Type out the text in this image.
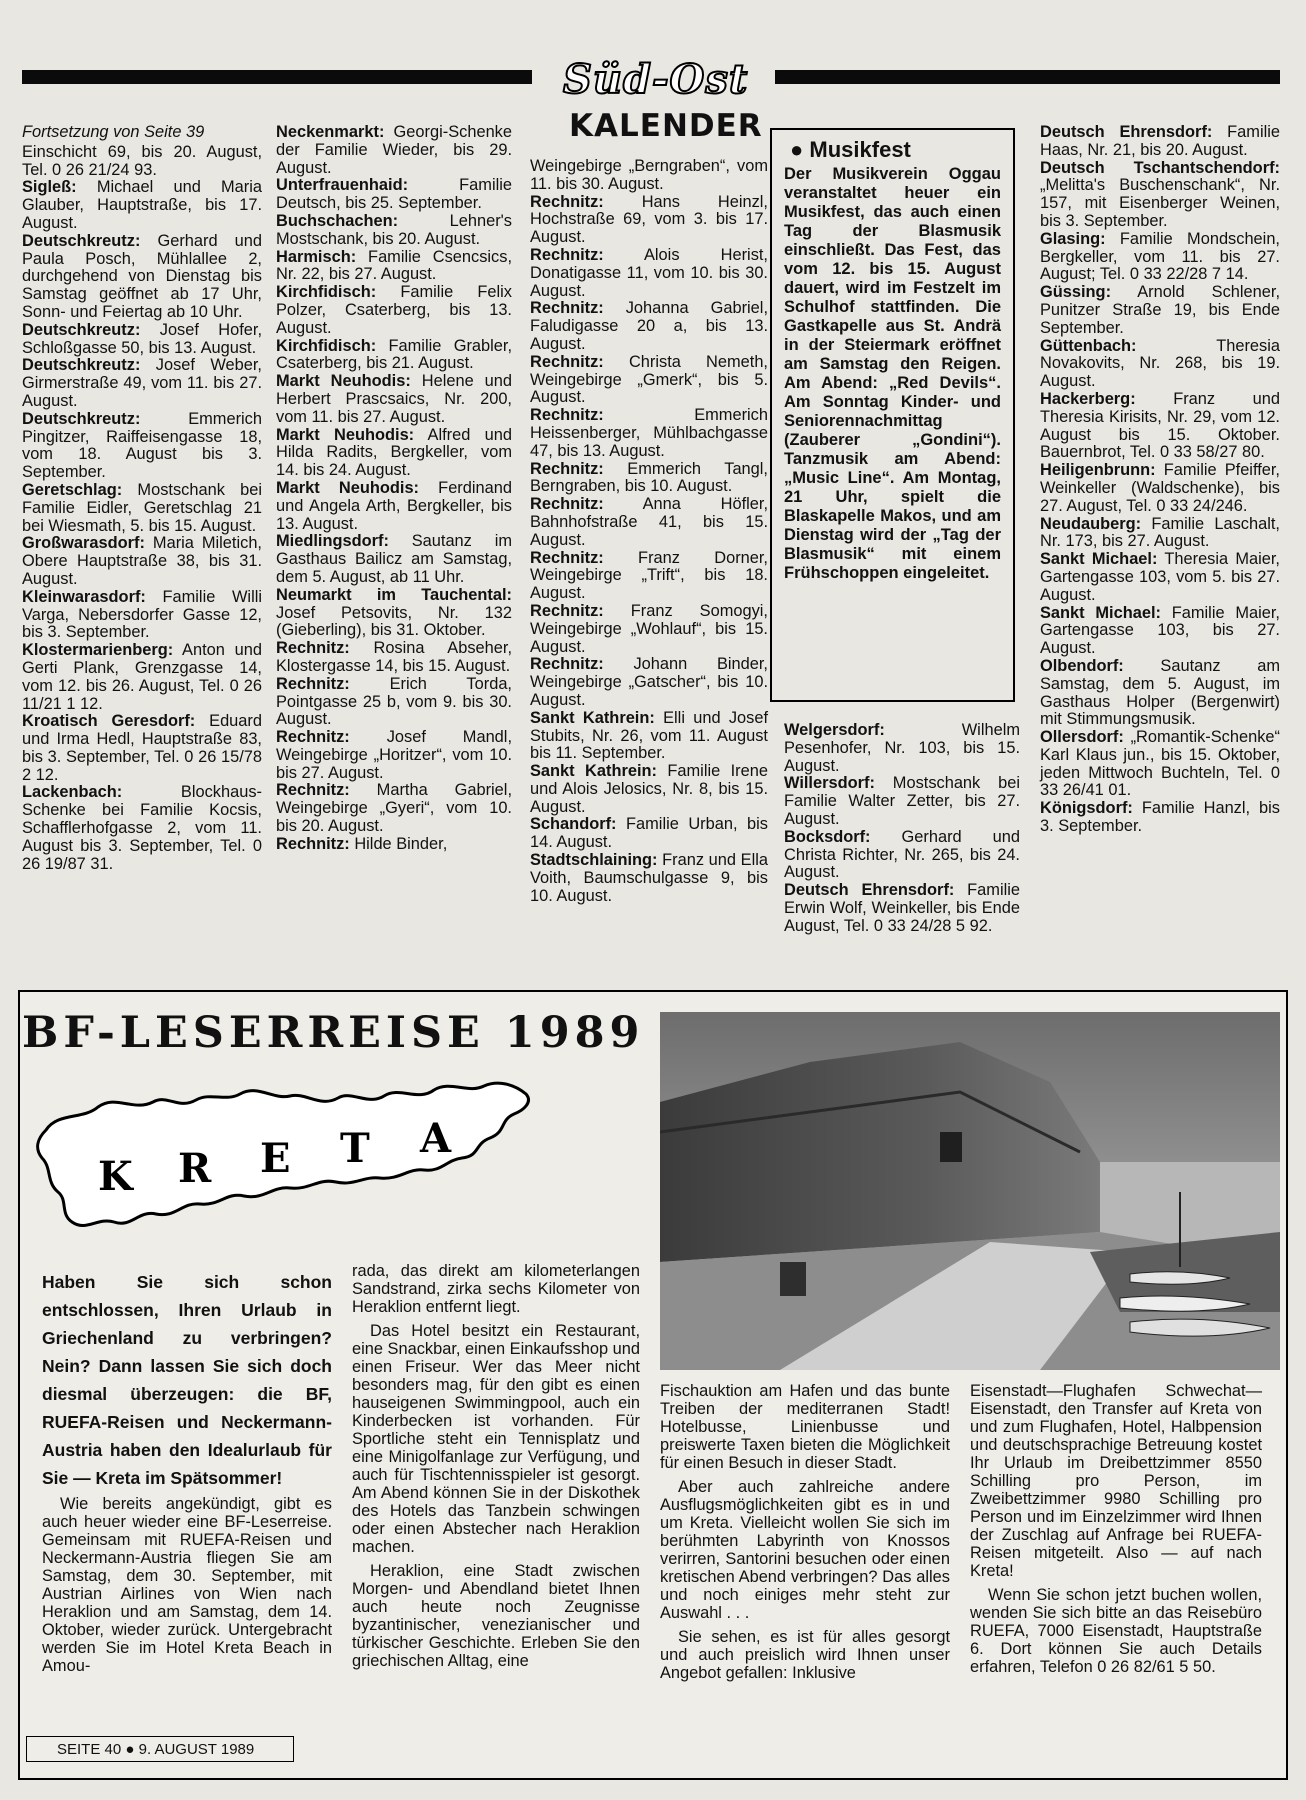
Süd-Ost
KALENDER

Fortsetzung von Seite 39

Einschicht 69, bis 20. August, Tel. 0 26 21/24 93.

Sigleß: Michael und Maria Glauber, Hauptstraße, bis 17. August.

Deutschkreutz: Gerhard und Paula Posch, Mühlallee 2, durchgehend von Dienstag bis Samstag geöffnet ab 17 Uhr, Sonn- und Feiertag ab 10 Uhr.

Deutschkreutz: Josef Hofer, Schloßgasse 50, bis 13. August.

Deutschkreutz: Josef Weber, Girmerstraße 49, vom 11. bis 27. August.

Deutschkreutz: Emmerich Pingitzer, Raiffeisengasse 18, vom 18. August bis 3. September.

Geretschlag: Mostschank bei Familie Eidler, Geretschlag 21 bei Wiesmath, 5. bis 15. August.

Großwarasdorf: Maria Miletich, Obere Hauptstraße 38, bis 31. August.

Kleinwarasdorf: Familie Willi Varga, Nebersdorfer Gasse 12, bis 3. September.

Klostermarienberg: Anton und Gerti Plank, Grenzgasse 14, vom 12. bis 26. August, Tel. 0 26 11/21 1 12.

Kroatisch Geresdorf: Eduard und Irma Hedl, Hauptstraße 83, bis 3. September, Tel. 0 26 15/78 2 12.

Lackenbach: Blockhaus-Schenke bei Familie Kocsis, Schafflerhofgasse 2, vom 11. August bis 3. September, Tel. 0 26 19/87 31.

Neckenmarkt: Georgi-Schenke der Familie Wieder, bis 29. August.

Unterfrauenhaid: Familie Deutsch, bis 25. September.

Buchschachen: Lehner's Mostschank, bis 20. August.

Harmisch: Familie Csencsics, Nr. 22, bis 27. August.

Kirchfidisch: Familie Felix Polzer, Csaterberg, bis 13. August.

Kirchfidisch: Familie Grabler, Csaterberg, bis 21. August.

Markt Neuhodis: Helene und Herbert Prascsaics, Nr. 200, vom 11. bis 27. August.

Markt Neuhodis: Alfred und Hilda Radits, Bergkeller, vom 14. bis 24. August.

Markt Neuhodis: Ferdinand und Angela Arth, Bergkeller, bis 13. August.

Miedlingsdorf: Sautanz im Gasthaus Bailicz am Samstag, dem 5. August, ab 11 Uhr.

Neumarkt im Tauchental: Josef Petsovits, Nr. 132 (Gieberling), bis 31. Oktober.

Rechnitz: Rosina Abseher, Klostergasse 14, bis 15. August.

Rechnitz: Erich Torda, Pointgasse 25 b, vom 9. bis 30. August.

Rechnitz: Josef Mandl, Weingebirge „Horitzer“, vom 10. bis 27. August.

Rechnitz: Martha Gabriel, Weingebirge „Gyeri“, vom 10. bis 20. August.

Rechnitz: Hilde Binder,

Weingebirge „Berngraben“, vom 11. bis 30. August.

Rechnitz: Hans Heinzl, Hochstraße 69, vom 3. bis 17. August.

Rechnitz: Alois Herist, Donatigasse 11, vom 10. bis 30. August.

Rechnitz: Johanna Gabriel, Faludigasse 20 a, bis 13. August.

Rechnitz: Christa Nemeth, Weingebirge „Gmerk“, bis 5. August.

Rechnitz: Emmerich Heissenberger, Mühlbachgasse 47, bis 13. August.

Rechnitz: Emmerich Tangl, Berngraben, bis 10. August.

Rechnitz: Anna Höfler, Bahnhofstraße 41, bis 15. August.

Rechnitz: Franz Dorner, Weingebirge „Trift“, bis 18. August.

Rechnitz: Franz Somogyi, Weingebirge „Wohlauf“, bis 15. August.

Rechnitz: Johann Binder, Weingebirge „Gatscher“, bis 10. August.

Sankt Kathrein: Elli und Josef Stubits, Nr. 26, vom 11. August bis 11. September.

Sankt Kathrein: Familie Irene und Alois Jelosics, Nr. 8, bis 15. August.

Schandorf: Familie Urban, bis 14. August.

Stadtschlaining: Franz und Ella Voith, Baumschulgasse 9, bis 10. August.

Welgersdorf: Wilhelm Pesenhofer, Nr. 103, bis 15. August.

Willersdorf: Mostschank bei Familie Walter Zetter, bis 27. August.

Bocksdorf: Gerhard und Christa Richter, Nr. 265, bis 24. August.

Deutsch Ehrensdorf: Familie Erwin Wolf, Weinkeller, bis Ende August, Tel. 0 33 24/28 5 92.

Deutsch Ehrensdorf: Familie Haas, Nr. 21, bis 20. August.

Deutsch Tschantschendorf: „Melitta's Buschenschank“, Nr. 157, mit Eisenberger Weinen, bis 3. September.

Glasing: Familie Mondschein, Bergkeller, vom 11. bis 27. August; Tel. 0 33 22/28 7 14.

Güssing: Arnold Schlener, Punitzer Straße 19, bis Ende September.

Güttenbach: Theresia Novakovits, Nr. 268, bis 19. August.

Hackerberg: Franz und Theresia Kirisits, Nr. 29, vom 12. August bis 15. Oktober. Bauernbrot, Tel. 0 33 58/27 80.

Heiligenbrunn: Familie Pfeiffer, Weinkeller (Waldschenke), bis 27. August, Tel. 0 33 24/246.

Neudauberg: Familie Laschalt, Nr. 173, bis 27. August.

Sankt Michael: Theresia Maier, Gartengasse 103, vom 5. bis 27. August.

Sankt Michael: Familie Maier, Gartengasse 103, bis 27. August.

Olbendorf: Sautanz am Samstag, dem 5. August, im Gasthaus Holper (Bergenwirt) mit Stimmungsmusik.

Ollersdorf: „Romantik-Schenke“ Karl Klaus jun., bis 15. Oktober, jeden Mittwoch Buchteln, Tel. 0 33 26/41 01.

Königsdorf: Familie Hanzl, bis 3. September.

● Musikfest
Der Musikverein Oggau veranstaltet heuer ein Musikfest, das auch einen Tag der Blasmusik einschließt. Das Fest, das vom 12. bis 15. August dauert, wird im Festzelt im Schulhof stattfinden. Die Gastkapelle aus St. Andrä in der Steiermark eröffnet am Samstag den Reigen. Am Abend: „Red Devils“. Am Sonntag Kinder- und Seniorennachmittag (Zauberer „Gondini“). Tanzmusik am Abend: „Music Line“. Am Montag, 21 Uhr, spielt die Blaskapelle Makos, und am Dienstag wird der „Tag der Blasmusik“ mit einem Frühschoppen eingeleitet.
BF-LESERREISE 1989
K R E T A
Haben Sie sich schon entschlossen, Ihren Urlaub in Griechenland zu verbringen? Nein? Dann lassen Sie sich doch diesmal überzeugen: die BF, RUEFA-Reisen und Neckermann-Austria haben den Idealurlaub für Sie — Kreta im Spätsommer!

Wie bereits angekündigt, gibt es auch heuer wieder eine BF-Leserreise. Gemeinsam mit RUEFA-Reisen und Neckermann-Austria fliegen Sie am Samstag, dem 30. September, mit Austrian Airlines von Wien nach Heraklion und am Samstag, dem 14. Oktober, wieder zurück. Untergebracht werden Sie im Hotel Kreta Beach in Amou-

rada, das direkt am kilometerlangen Sandstrand, zirka sechs Kilometer von Heraklion entfernt liegt.

Das Hotel besitzt ein Restaurant, eine Snackbar, einen Einkaufsshop und einen Friseur. Wer das Meer nicht besonders mag, für den gibt es einen hauseigenen Swimmingpool, auch ein Kinderbecken ist vorhanden. Für Sportliche steht ein Tennisplatz und eine Minigolfanlage zur Verfügung, und auch für Tischtennisspieler ist gesorgt. Am Abend können Sie in der Diskothek des Hotels das Tanzbein schwingen oder einen Abstecher nach Heraklion machen.

Heraklion, eine Stadt zwischen Morgen- und Abendland bietet Ihnen auch heute noch Zeugnisse byzantinischer, venezianischer und türkischer Geschichte. Erleben Sie den griechischen Alltag, eine

Fischauktion am Hafen und das bunte Treiben der mediterranen Stadt! Hotelbusse, Linienbusse und preiswerte Taxen bieten die Möglichkeit für einen Besuch in dieser Stadt.

Aber auch zahlreiche andere Ausflugsmöglichkeiten gibt es in und um Kreta. Vielleicht wollen Sie sich im berühmten Labyrinth von Knossos verirren, Santorini besuchen oder einen kretischen Abend verbringen? Das alles und noch einiges mehr steht zur Auswahl . . .

Sie sehen, es ist für alles gesorgt und auch preislich wird Ihnen unser Angebot gefallen: Inklusive

Eisenstadt—Flughafen Schwechat—Eisenstadt, den Transfer auf Kreta von und zum Flughafen, Hotel, Halbpension und deutschsprachige Betreuung kostet Ihr Urlaub im Dreibettzimmer 8550 Schilling pro Person, im Zweibettzimmer 9980 Schilling pro Person und im Einzelzimmer wird Ihnen der Zuschlag auf Anfrage bei RUEFA-Reisen mitgeteilt. Also — auf nach Kreta!

Wenn Sie schon jetzt buchen wollen, wenden Sie sich bitte an das Reisebüro RUEFA, 7000 Eisenstadt, Hauptstraße 6. Dort können Sie auch Details erfahren, Telefon 0 26 82/61 5 50.

SEITE 40 ● 9. AUGUST 1989
